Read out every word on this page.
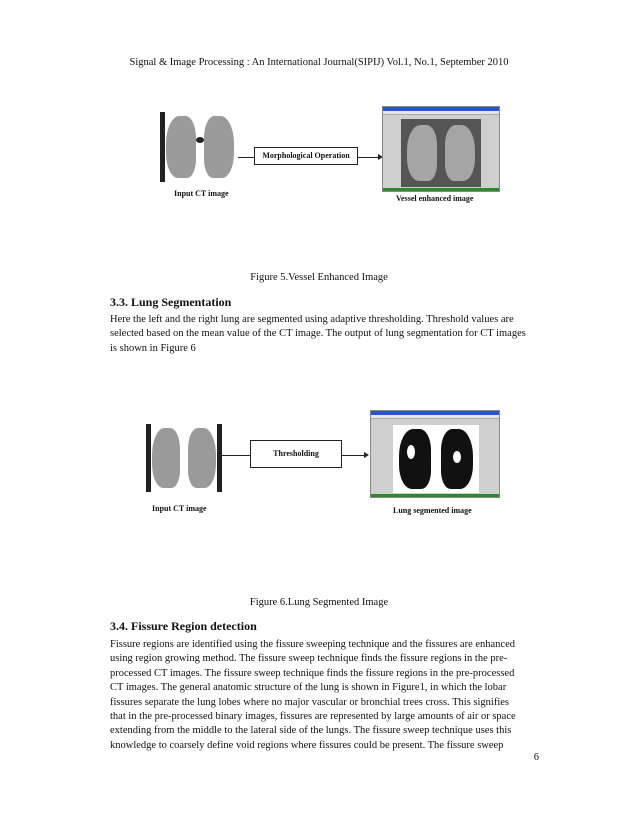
Signal & Image Processing : An International Journal(SIPIJ) Vol.1, No.1, September 2010
Input CT image
Morphological Operation
Vessel enhanced image
Figure 5.Vessel Enhanced Image
3.3. Lung Segmentation
Here the left and the right lung are segmented using adaptive thresholding. Threshold values are
selected based on the mean value of the CT image. The output of lung segmentation for CT images
is shown in Figure 6
Input CT image
Thresholding
Lung segmented image
Figure 6.Lung Segmented Image
3.4. Fissure Region detection
Fissure regions are identified using the fissure sweeping technique and the fissures are enhanced
using region growing method. The fissure sweep technique finds the fissure regions in the pre-
processed CT images. The fissure sweep technique finds the fissure regions in the pre-processed
CT images. The general anatomic structure of the lung is shown in Figure1, in which the lobar
fissures separate the lung lobes where no major vascular or bronchial trees cross. This signifies
that in the pre-processed binary images, fissures are represented by large amounts of air or space
extending from the middle to the lateral side of the lungs. The fissure sweep technique uses this
knowledge to coarsely define void regions where fissures could be present. The fissure sweep
6
